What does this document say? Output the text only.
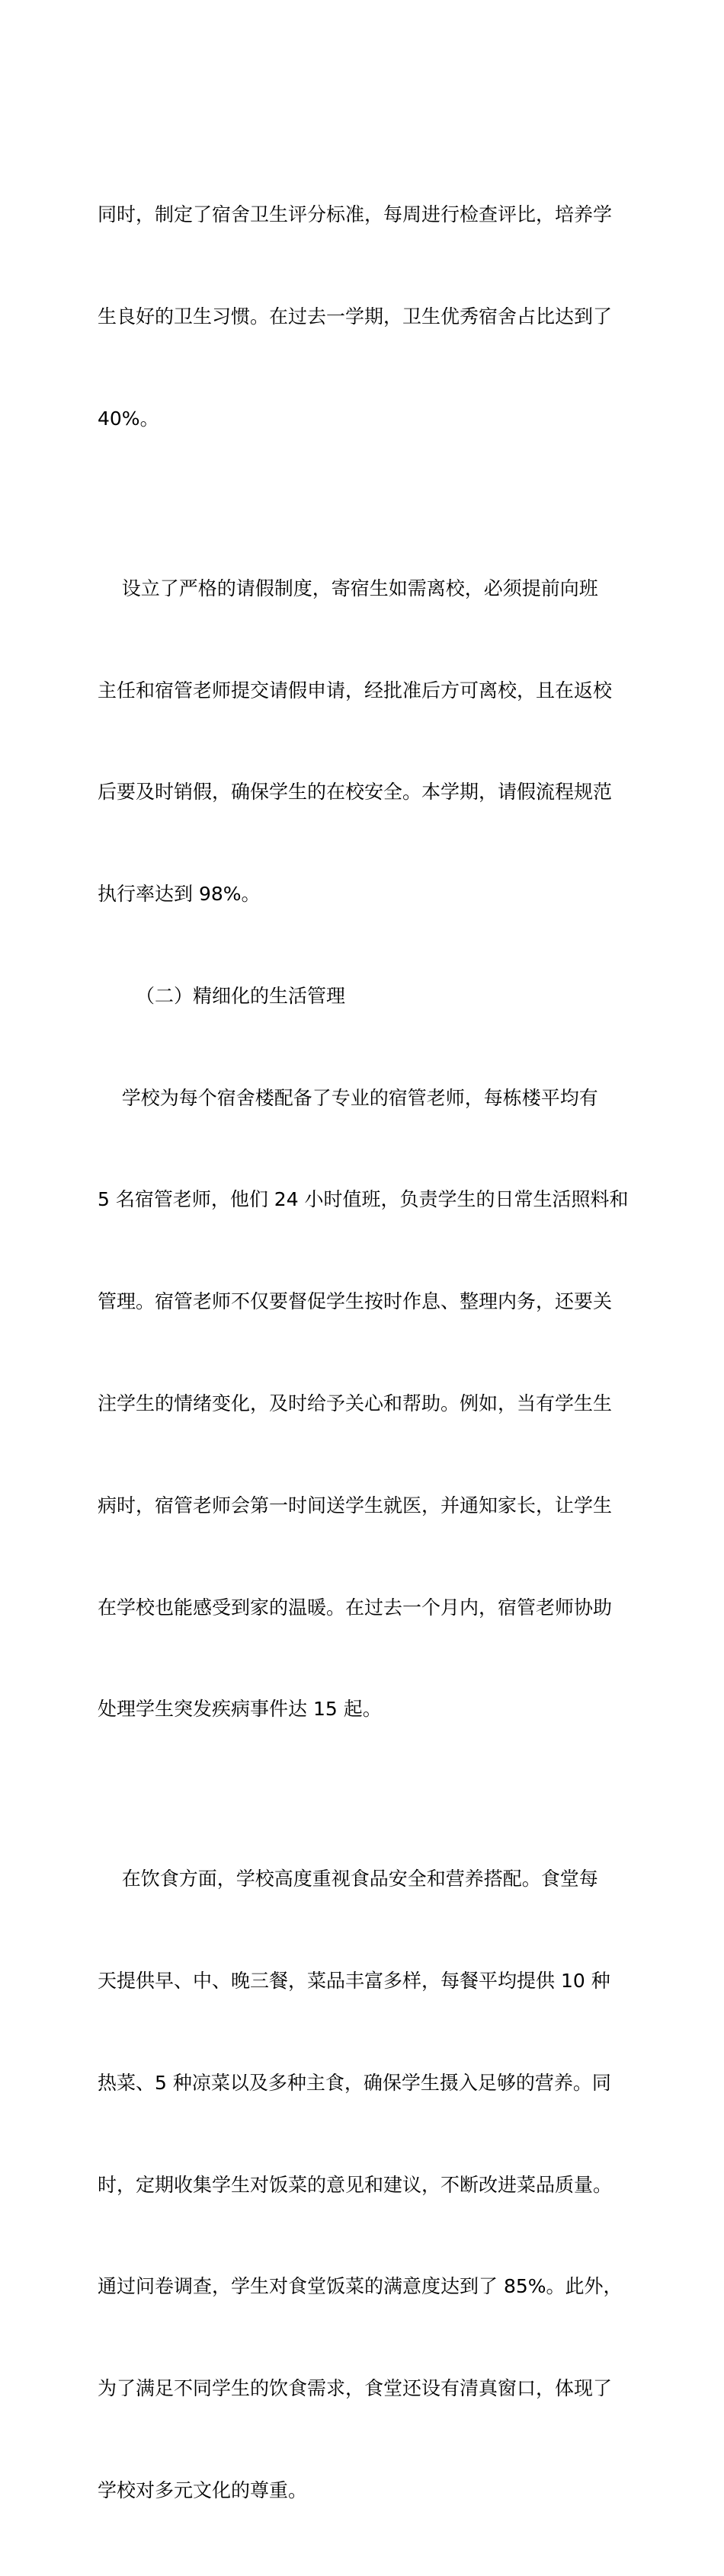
同时，制定了宿舍卫生评分标准，每周进行检查评比，培养学

生良好的卫生习惯。在过去一学期，卫生优秀宿舍占比达到了

40%。

设立了严格的请假制度，寄宿生如需离校，必须提前向班

主任和宿管老师提交请假申请，经批准后方可离校，且在返校

后要及时销假，确保学生的在校安全。本学期，请假流程规范

执行率达到 98%。

（二）精细化的生活管理

学校为每个宿舍楼配备了专业的宿管老师，每栋楼平均有

5 名宿管老师，他们 24 小时值班，负责学生的日常生活照料和

管理。宿管老师不仅要督促学生按时作息、整理内务，还要关

注学生的情绪变化，及时给予关心和帮助。例如，当有学生生

病时，宿管老师会第一时间送学生就医，并通知家长，让学生

在学校也能感受到家的温暖。在过去一个月内，宿管老师协助

处理学生突发疾病事件达 15 起。

在饮食方面，学校高度重视食品安全和营养搭配。食堂每

天提供早、中、晚三餐，菜品丰富多样，每餐平均提供 10 种

热菜、5 种凉菜以及多种主食，确保学生摄入足够的营养。同

时，定期收集学生对饭菜的意见和建议，不断改进菜品质量。

通过问卷调查，学生对食堂饭菜的满意度达到了 85%。此外，

为了满足不同学生的饮食需求，食堂还设有清真窗口，体现了

学校对多元文化的尊重。
